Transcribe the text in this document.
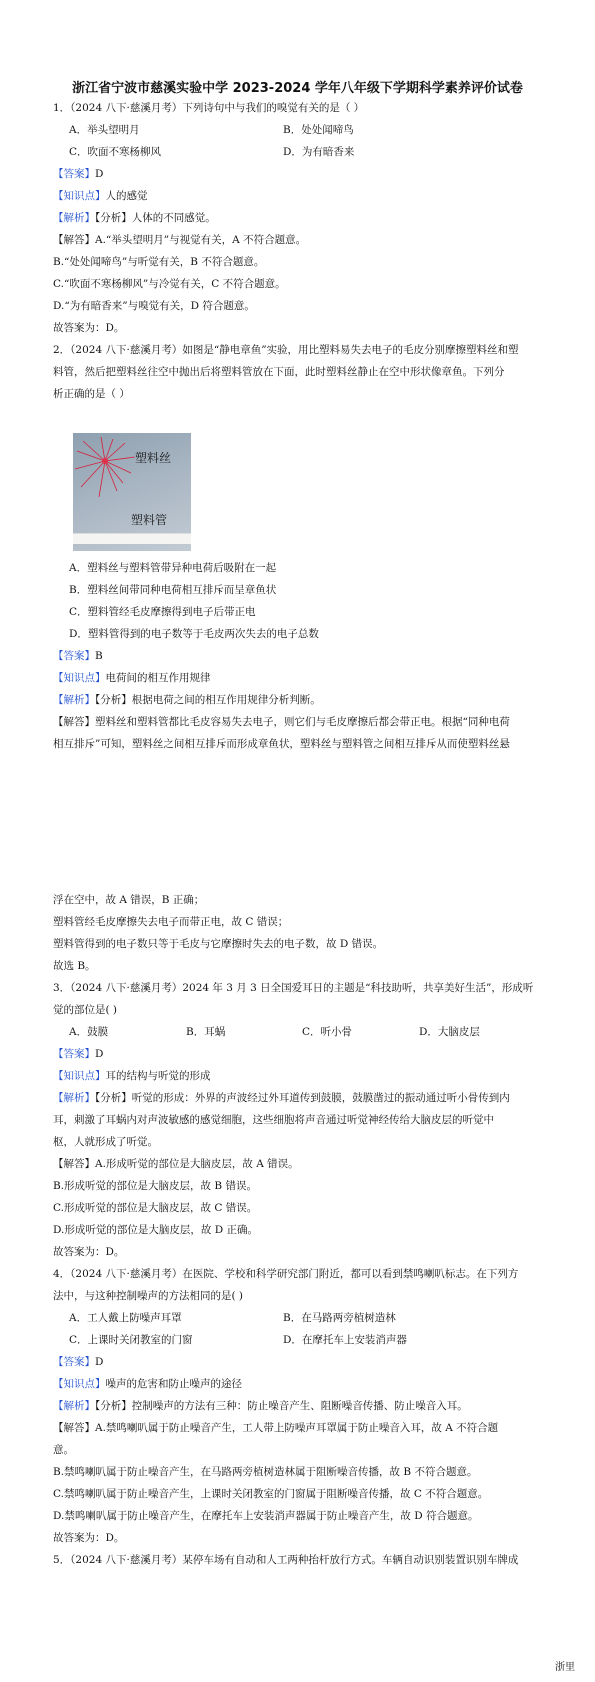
浙江省宁波市慈溪实验中学 2023-2024 学年八年级下学期科学素养评价试卷
1．（2024 八下·慈溪月考）下列诗句中与我们的嗅觉有关的是（ ）
A．举头望明月	B．处处闻啼鸟
C．吹面不寒杨柳风	D．为有暗香来
【答案】D
【知识点】人的感觉
【解析】【分析】人体的不同感觉。
【解答】A.“举头望明月”与视觉有关，A 不符合题意。
B.“处处闻啼鸟”与听觉有关，B 不符合题意。
C.“吹面不寒杨柳风”与冷觉有关，C 不符合题意。
D.“为有暗香来”与嗅觉有关，D 符合题意。
故答案为：D。
2．（2024 八下·慈溪月考）如图是“静电章鱼”实验，用比塑料易失去电子的毛皮分别摩擦塑料丝和塑
料管，然后把塑料丝往空中抛出后将塑料管放在下面，此时塑料丝静止在空中形状像章鱼。下列分
析正确的是（ ）
塑料丝
塑料管
A．塑料丝与塑料管带异种电荷后吸附在一起
B．塑料丝间带同种电荷相互排斥而呈章鱼状
C．塑料管经毛皮摩擦得到电子后带正电
D．塑料管得到的电子数等于毛皮两次失去的电子总数
【答案】B
【知识点】电荷间的相互作用规律
【解析】【分析】根据电荷之间的相互作用规律分析判断。
【解答】塑料丝和塑料管都比毛皮容易失去电子，则它们与毛皮摩擦后都会带正电。根据“同种电荷
相互排斥”可知，塑料丝之间相互排斥而形成章鱼状，塑料丝与塑料管之间相互排斥从而使塑料丝悬
浮在空中，故 A 错误，B 正确；
塑料管经毛皮摩擦失去电子而带正电，故 C 错误；
塑料管得到的电子数只等于毛皮与它摩擦时失去的电子数，故 D 错误。
故选 B。
3．（2024 八下·慈溪月考）2024 年 3 月 3 日全国爱耳日的主题是“科技助听，共享美好生活”，形成听
觉的部位是( )
A．鼓膜	B．耳蜗	C．听小骨	D．大脑皮层
【答案】D
【知识点】耳的结构与听觉的形成
【解析】【分析】听觉的形成：外界的声波经过外耳道传到鼓膜，鼓膜凿过的振动通过听小骨传到内
耳，刺激了耳蜗内对声波敏感的感觉细胞，这些细胞将声音通过听觉神经传给大脑皮层的听觉中
枢，人就形成了听觉。
【解答】A.形成听觉的部位是大脑皮层，故 A 错误。
B.形成听觉的部位是大脑皮层，故 B 错误。
C.形成听觉的部位是大脑皮层，故 C 错误。
D.形成听觉的部位是大脑皮层，故 D 正确。
故答案为：D。
4．（2024 八下·慈溪月考）在医院、学校和科学研究部门附近，都可以看到禁鸣喇叭标志。在下列方
法中，与这种控制噪声的方法相同的是( )
A．工人戴上防噪声耳罩	B．在马路两旁植树造林
C．上课时关闭教室的门窗	D．在摩托车上安装消声器
【答案】D
【知识点】噪声的危害和防止噪声的途径
【解析】【分析】控制噪声的方法有三种：防止噪音产生、阻断噪音传播、防止噪音入耳。
【解答】A.禁鸣喇叭属于防止噪音产生，工人带上防噪声耳罩属于防止噪音入耳，故 A 不符合题
意。
B.禁鸣喇叭属于防止噪音产生，在马路两旁植树造林属于阻断噪音传播，故 B 不符合题意。
C.禁鸣喇叭属于防止噪音产生，上课时关闭教室的门窗属于阻断噪音传播，故 C 不符合题意。
D.禁鸣喇叭属于防止噪音产生，在摩托车上安装消声器属于防止噪音产生，故 D 符合题意。
故答案为：D。
5．（2024 八下·慈溪月考）某停车场有自动和人工两种抬杆放行方式。车辆自动识别装置识别车牌成
浙里
